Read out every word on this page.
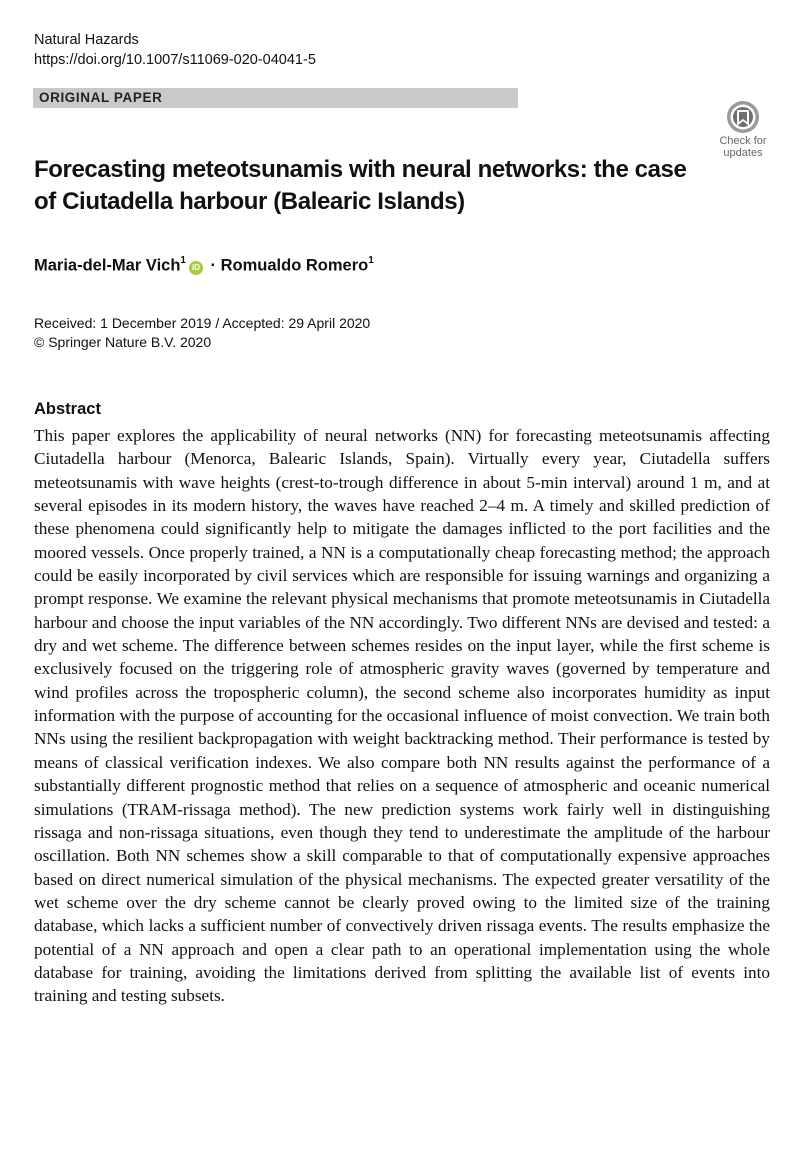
Natural Hazards
https://doi.org/10.1007/s11069-020-04041-5
ORIGINAL PAPER
Check for
updates
Forecasting meteotsunamis with neural networks: the case of Ciutadella harbour (Balearic Islands)
Maria-del-Mar Vich$^1$iD · Romualdo Romero$^1$
Received: 1 December 2019 / Accepted: 29 April 2020
© Springer Nature B.V. 2020
Abstract

This paper explores the applicability of neural networks (NN) for forecasting meteotsunamis affecting Ciutadella harbour (Menorca, Balearic Islands, Spain). Virtually every year, Ciutadella suffers meteotsunamis with wave heights (crest-to-trough difference in about 5-min interval) around 1 m, and at several episodes in its modern history, the waves have reached 2–4 m. A timely and skilled prediction of these phenomena could significantly help to mitigate the damages inflicted to the port facilities and the moored vessels. Once properly trained, a NN is a computationally cheap forecasting method; the approach could be easily incorporated by civil services which are responsible for issuing warnings and organizing a prompt response. We examine the relevant physical mechanisms that promote meteotsunamis in Ciutadella harbour and choose the input variables of the NN accordingly. Two different NNs are devised and tested: a dry and wet scheme. The difference between schemes resides on the input layer, while the first scheme is exclusively focused on the triggering role of atmospheric gravity waves (governed by temperature and wind profiles across the tropospheric column), the second scheme also incorporates humidity as input information with the purpose of accounting for the occasional influence of moist convection. We train both NNs using the resilient backpropagation with weight backtracking method. Their performance is tested by means of classical verification indexes. We also compare both NN results against the performance of a substantially different prognostic method that relies on a sequence of atmospheric and oceanic numerical simulations (TRAM-rissaga method). The new prediction systems work fairly well in distinguishing rissaga and non-rissaga situations, even though they tend to underestimate the amplitude of the harbour oscillation. Both NN schemes show a skill comparable to that of computationally expensive approaches based on direct numerical simulation of the physical mechanisms. The expected greater versatility of the wet scheme over the dry scheme cannot be clearly proved owing to the limited size of the training database, which lacks a sufficient number of convectively driven rissaga events. The results emphasize the potential of a NN approach and open a clear path to an operational implementation using the whole database for training, avoiding the limitations derived from splitting the available list of events into training and testing subsets.
